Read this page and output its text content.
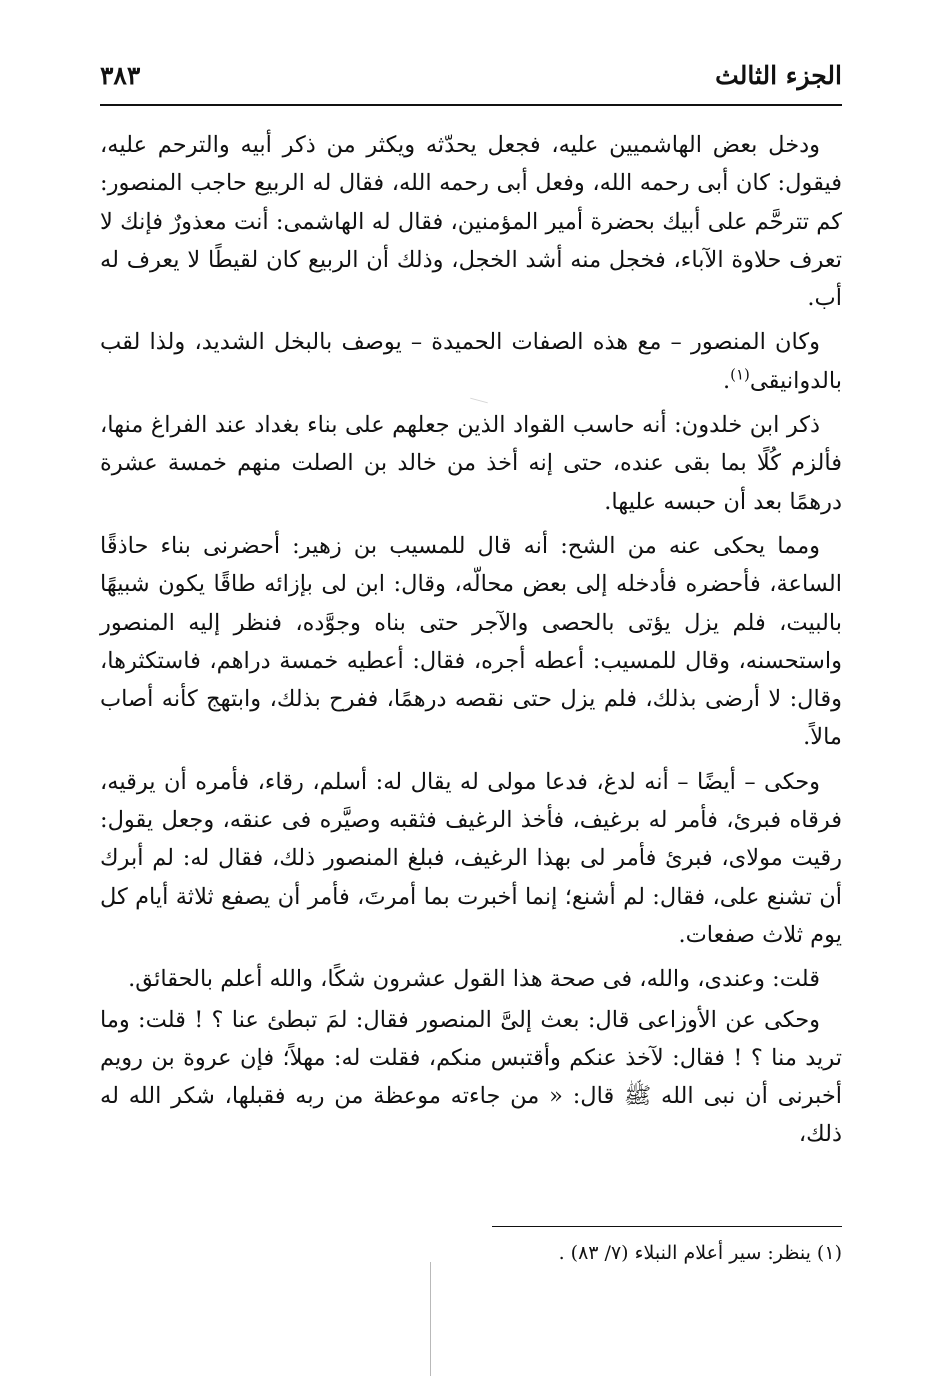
الجزء الثالث
٣٨٣

ودخل بعض الهاشميين عليه، فجعل يحدّثه ويكثر من ذكر أبيه والترحم عليه، فيقول: كان أبى رحمه الله، وفعل أبى رحمه الله، فقال له الربيع حاجب المنصور: كم تترحَّم على أبيك بحضرة أمير المؤمنين، فقال له الهاشمى: أنت معذورٌ فإنك لا تعرف حلاوة الآباء، فخجل منه أشد الخجل، وذلك أن الربيع كان لقيطًا لا يعرف له أب.

وكان المنصور – مع هذه الصفات الحميدة – يوصف بالبخل الشديد، ولذا لقب بالدوانيقى$^{(١)}$.

ذكر ابن خلدون: أنه حاسب القواد الذين جعلهم على بناء بغداد عند الفراغ منها، فألزم كُلًا بما بقى عنده، حتى إنه أخذ من خالد بن الصلت منهم خمسة عشرة درهمًا بعد أن حبسه عليها.

ومما يحكى عنه من الشح: أنه قال للمسيب بن زهير: أحضرنى بناء حاذقًا الساعة، فأحضره فأدخله إلى بعض محالّه، وقال: ابن لى بإزائه طاقًا يكون شبيهًا بالبيت، فلم يزل يؤتى بالحصى والآجر حتى بناه وجوَّده، فنظر إليه المنصور واستحسنه، وقال للمسيب: أعطه أجره، فقال: أعطيه خمسة دراهم، فاستكثرها، وقال: لا أرضى بذلك، فلم يزل حتى نقصه درهمًا، ففرح بذلك، وابتهج كأنه أصاب مالاً.

وحكى – أيضًا – أنه لدغ، فدعا مولى له يقال له: أسلم، رقاء، فأمره أن يرقيه، فرقاه فبرئ، فأمر له برغيف، فأخذ الرغيف فثقبه وصيَّره فى عنقه، وجعل يقول: رقيت مولاى، فبرئ فأمر لى بهذا الرغيف، فبلغ المنصور ذلك، فقال له: لم أبرك أن تشنع على، فقال: لم أشنع؛ إنما أخبرت بما أمرتَ، فأمر أن يصفع ثلاثة أيام كل يوم ثلاث صفعات.

قلت: وعندى، والله، فى صحة هذا القول عشرون شكًا، والله أعلم بالحقائق.

وحكى عن الأوزاعى قال: بعث إلىَّ المنصور فقال: لمَ تبطئ عنا ؟ ! قلت: وما تريد منا ؟ ! فقال: لآخذ عنكم وأقتبس منكم، فقلت له: مهلاً؛ فإن عروة بن رويم أخبرنى أن نبى الله ﷺ قال: « من جاءته موعظة من ربه فقبلها، شكر الله له ذلك،

(١) ينظر: سير أعلام النبلاء (٧/ ٨٣) .
